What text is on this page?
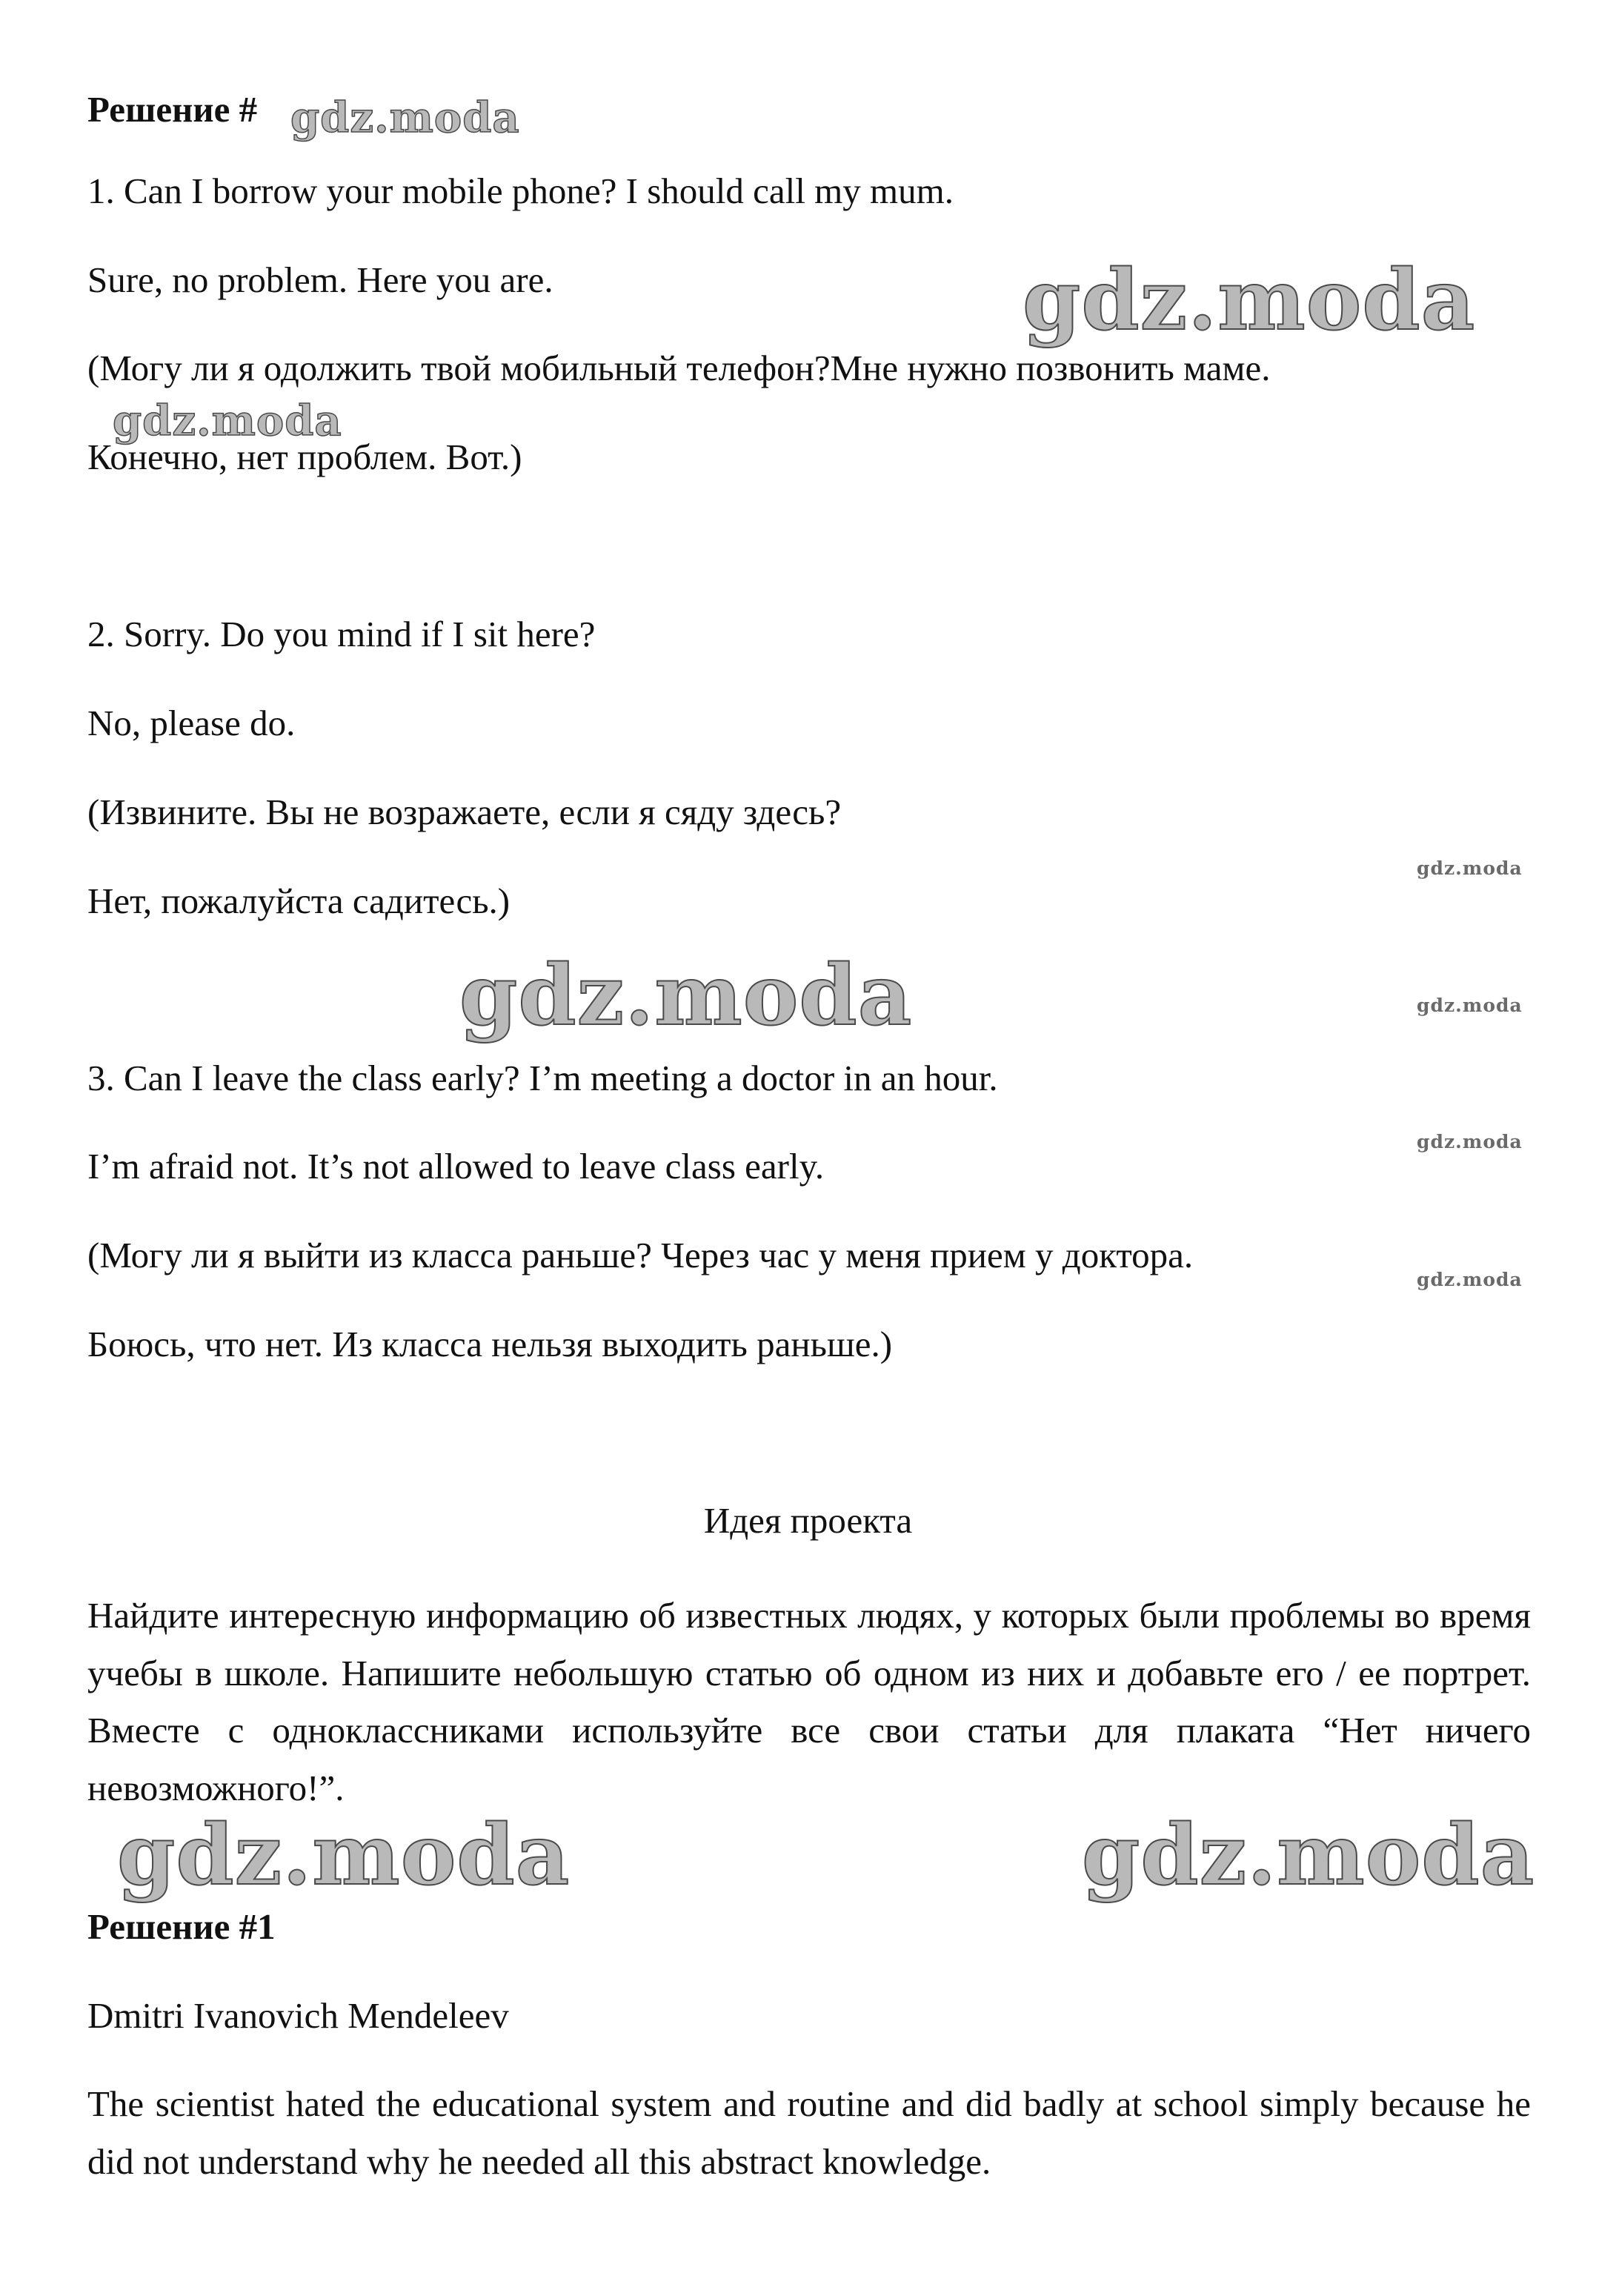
Решение # gdz.moda
1. Can I borrow your mobile phone? I should call my mum.
Sure, no problem. Here you are.	gdz.moda
(Могу ли я одолжить твой мобильный телефон?Мне нужно позвонить маме.
gdz.moda
Конечно, нет проблем. Вот.)
2. Sorry. Do you mind if I sit here?
No, please do.
(Извините. Вы не возражаете, если я сяду здесь?
gdz.moda
Нет, пожалуйста садитесь.)
gdz.moda	gdz.moda
3. Can I leave the class early? I’m meeting a doctor in an hour.
gdz.moda
I’m afraid not. It’s not allowed to leave class early.
(Могу ли я выйти из класса раньше? Через час у меня прием у доктора.
gdz.moda
Боюсь, что нет. Из класса нельзя выходить раньше.)
Идея проекта
Найдите интересную информацию об известных людях, у которых были проблемы во время учебы в школе. Напишите небольшую статью об одном из них и добавьте его / ее портрет. Вместе с одноклассниками используйте все свои статьи для плаката “Нет ничего невозможного!”.
gdz.moda	gdz.moda
Решение #1
Dmitri Ivanovich Mendeleev
The scientist hated the educational system and routine and did badly at school simply because he did not understand why he needed all this abstract knowledge.
